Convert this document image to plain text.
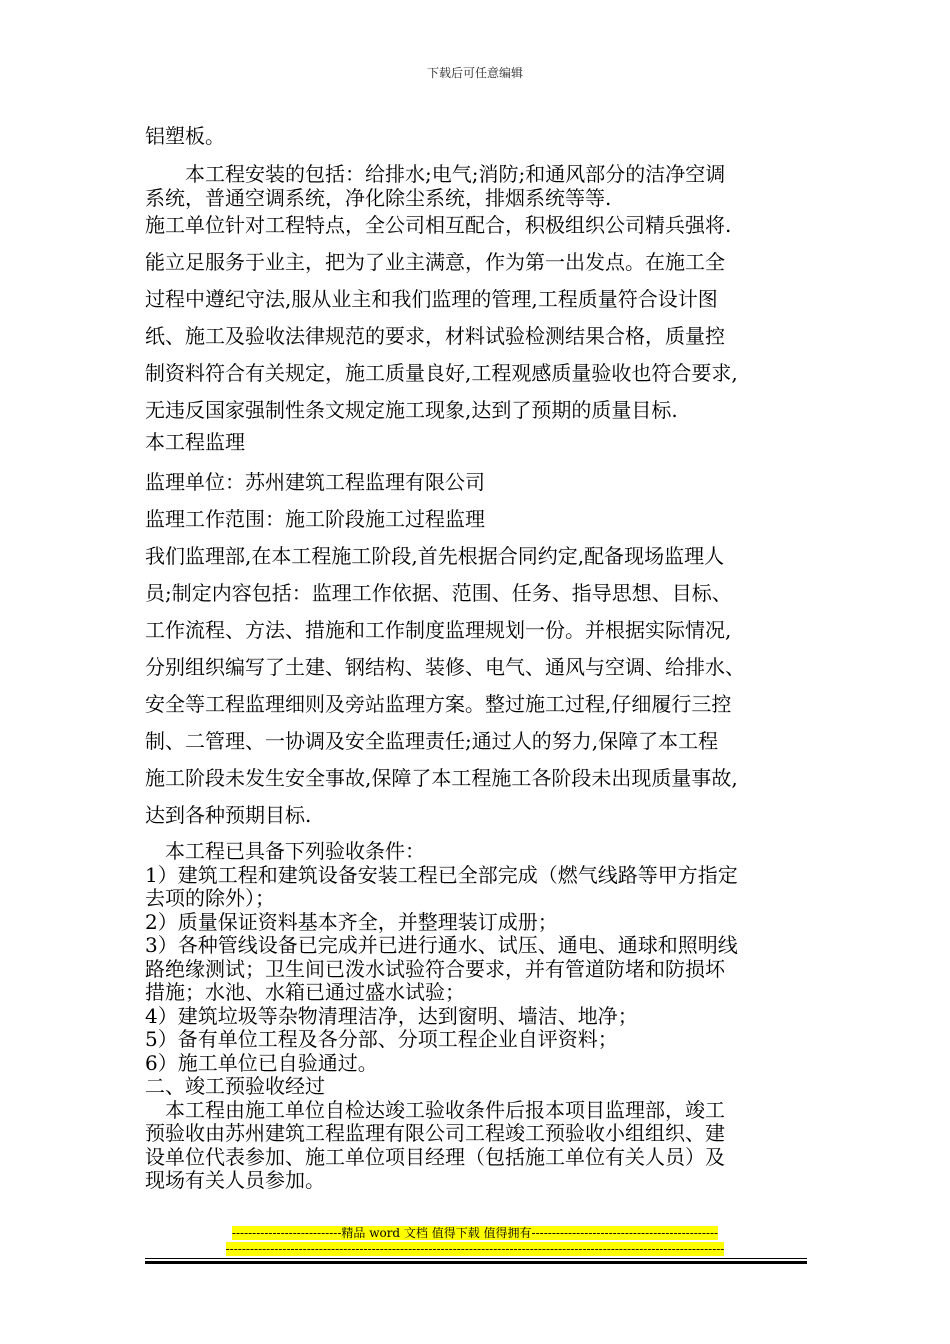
下载后可任意编辑

铝塑板。

本工程安装的包括：给排水;电气;消防;和通风部分的洁净空调

系统，普通空调系统，净化除尘系统，排烟系统等等.

施工单位针对工程特点，全公司相互配合，积极组织公司精兵强将.

能立足服务于业主，把为了业主满意，作为第一出发点。在施工全

过程中遵纪守法,服从业主和我们监理的管理,工程质量符合设计图

纸、施工及验收法律规范的要求，材料试验检测结果合格，质量控

制资料符合有关规定，施工质量良好,工程观感质量验收也符合要求,

无违反国家强制性条文规定施工现象,达到了预期的质量目标.

本工程监理

监理单位：苏州建筑工程监理有限公司

监理工作范围：施工阶段施工过程监理

我们监理部,在本工程施工阶段,首先根据合同约定,配备现场监理人

员;制定内容包括：监理工作依据、范围、任务、指导思想、目标、

工作流程、方法、措施和工作制度监理规划一份。并根据实际情况,

分别组织编写了土建、钢结构、装修、电气、通风与空调、给排水、

安全等工程监理细则及旁站监理方案。整过施工过程,仔细履行三控

制、二管理、一协调及安全监理责任;通过人的努力,保障了本工程

施工阶段未发生安全事故,保障了本工程施工各阶段未出现质量事故,

达到各种预期目标.

本工程已具备下列验收条件：

1）建筑工程和建筑设备安装工程已全部完成（燃气线路等甲方指定

去项的除外）；

2）质量保证资料基本齐全，并整理装订成册；

3）各种管线设备已完成并已进行通水、试压、通电、通球和照明线

路绝缘测试；卫生间已泼水试验符合要求，并有管道防堵和防损坏

措施；水池、水箱已通过盛水试验；

4）建筑垃圾等杂物清理洁净，达到窗明、墙洁、地净；

5）备有单位工程及各分部、分项工程企业自评资料；

6）施工单位已自验通过。

二、竣工预验收经过

本工程由施工单位自检达竣工验收条件后报本项目监理部，竣工

预验收由苏州建筑工程监理有限公司工程竣工预验收小组组织、建

设单位代表参加、施工单位项目经理（包括施工单位有关人员）及

现场有关人员参加。

---------------------------精品 word 文档 值得下载 值得拥有----------------------------------------------
---------------------------------------------------------------------------------------------------------------------------
